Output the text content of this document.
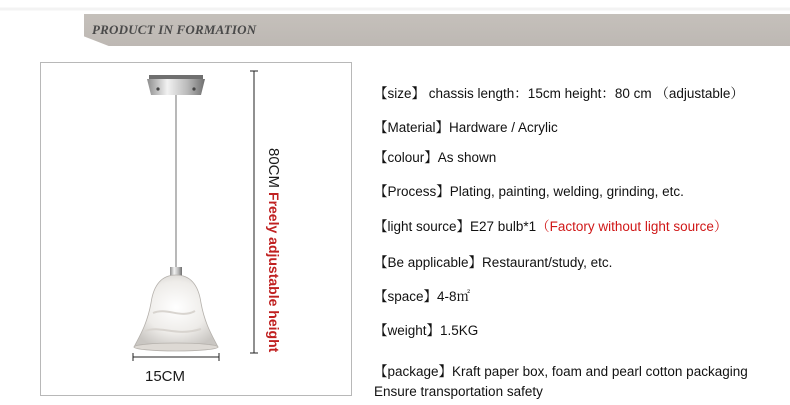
PRODUCT IN FORMATION
15CM
80CMFreely adjustable height
【size】 chassis length：15cm height：80 cm （adjustable）
【Material】Hardware / Acrylic
【colour】As shown
【Process】Plating, painting, welding, grinding, etc.
【light source】E27 bulb*1（Factory without light source）
【Be applicable】Restaurant/study, etc.
【space】4-8㎡
【weight】1.5KG
【package】Kraft paper box, foam and pearl cotton packaging
Ensure transportation safety
